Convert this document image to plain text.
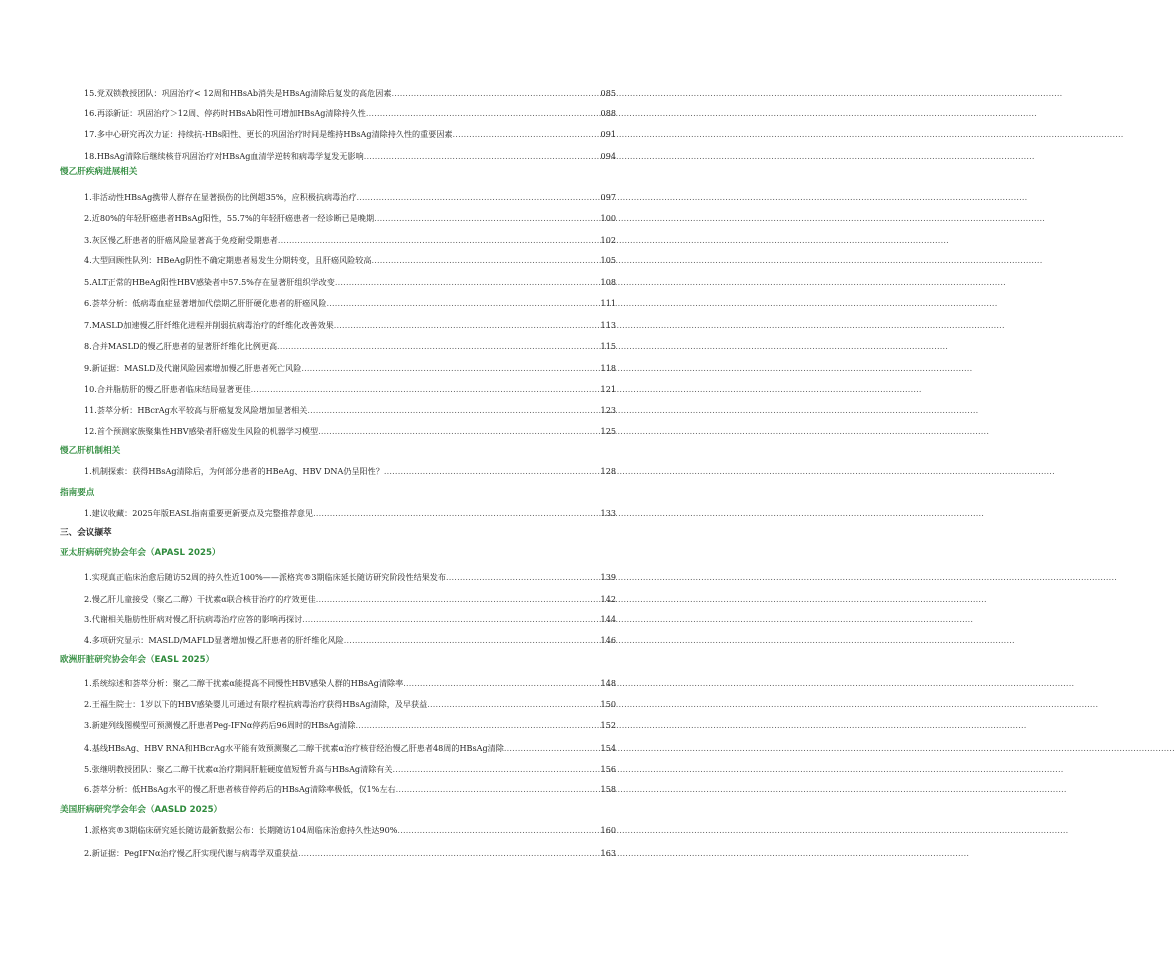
15.党双锁教授团队：巩固治疗< 12周和HBsAb消失是HBsAg清除后复发的高危因素 .....	085
16.再添新证：巩固治疗＞12周、停药时HBsAb阳性可增加HBsAg清除持久性 .....	088
17.多中心研究再次力证：持续抗-HBs阳性、更长的巩固治疗时间是维持HBsAg清除持久性的重要因素 .....	091
18.HBsAg清除后继续核苷巩固治疗对HBsAg血清学逆转和病毒学复发无影响 .....	094
慢乙肝疾病进展相关
1.非活动性HBsAg携带人群存在显著损伤的比例超35%，应积极抗病毒治疗 .....	097
2.近80%的年轻肝癌患者HBsAg阳性，55.7%的年轻肝癌患者一经诊断已是晚期 .....	100
3.灰区慢乙肝患者的肝癌风险显著高于免疫耐受期患者 .....	102
4.大型回顾性队列：HBeAg阴性不确定期患者易发生分期转变，且肝癌风险较高 .....	105
5.ALT正常的HBeAg阳性HBV感染者中57.5%存在显著肝组织学改变 .....	108
6.荟萃分析：低病毒血症显著增加代偿期乙肝肝硬化患者的肝癌风险 .....	111
7.MASLD加速慢乙肝纤维化进程并削弱抗病毒治疗的纤维化改善效果 .....	113
8.合并MASLD的慢乙肝患者的显著肝纤维化比例更高 .....	115
9.新证据：MASLD及代谢风险因素增加慢乙肝患者死亡风险 .....	118
10.合并脂肪肝的慢乙肝患者临床结局显著更佳 .....	121
11.荟萃分析：HBcrAg水平较高与肝癌复发风险增加显著相关 .....	123
12.首个预测家族聚集性HBV感染者肝癌发生风险的机器学习模型 .....	125
慢乙肝机制相关
1.机制探索：获得HBsAg清除后，为何部分患者的HBeAg、HBV DNA仍呈阳性？ .....	128
指南要点
1.建议收藏：2025年版EASL指南重要更新要点及完整推荐意见 .....	133
三、会议撷萃
亚太肝病研究协会年会（APASL 2025）
1.实现真正临床治愈后随访52周的持久性近100%——派格宾®3期临床延长随访研究阶段性结果发布 .....	139
2.慢乙肝儿童接受（聚乙二醇）干扰素α联合核苷治疗的疗效更佳 .....	142
3.代谢相关脂肪性肝病对慢乙肝抗病毒治疗应答的影响再探讨 .....	144
4.多项研究显示：MASLD/MAFLD显著增加慢乙肝患者的肝纤维化风险 .....	146
欧洲肝脏研究协会年会（EASL 2025）
1.系统综述和荟萃分析：聚乙二醇干扰素α能提高不同慢性HBV感染人群的HBsAg清除率 .....	148
2.王福生院士：1岁以下的HBV感染婴儿可通过有限疗程抗病毒治疗获得HBsAg清除，及早获益 .....	150
3.新建列线图模型可预测慢乙肝患者Peg-IFNα停药后96周时的HBsAg清除 .....	152
4.基线HBsAg、HBV RNA和HBcrAg水平能有效预测聚乙二醇干扰素α治疗核苷经治慢乙肝患者48周的HBsAg清除 .....	154
5.张继明教授团队：聚乙二醇干扰素α治疗期间肝脏硬度值短暂升高与HBsAg清除有关 .....	156
6.荟萃分析：低HBsAg水平的慢乙肝患者核苷停药后的HBsAg清除率极低，仅1%左右 .....	158
美国肝病研究学会年会（AASLD 2025）
1.派格宾®3期临床研究延长随访最新数据公布：长期随访104周临床治愈持久性达90% .....	160
2.新证据：PegIFNα治疗慢乙肝实现代谢与病毒学双重获益 .....	163
